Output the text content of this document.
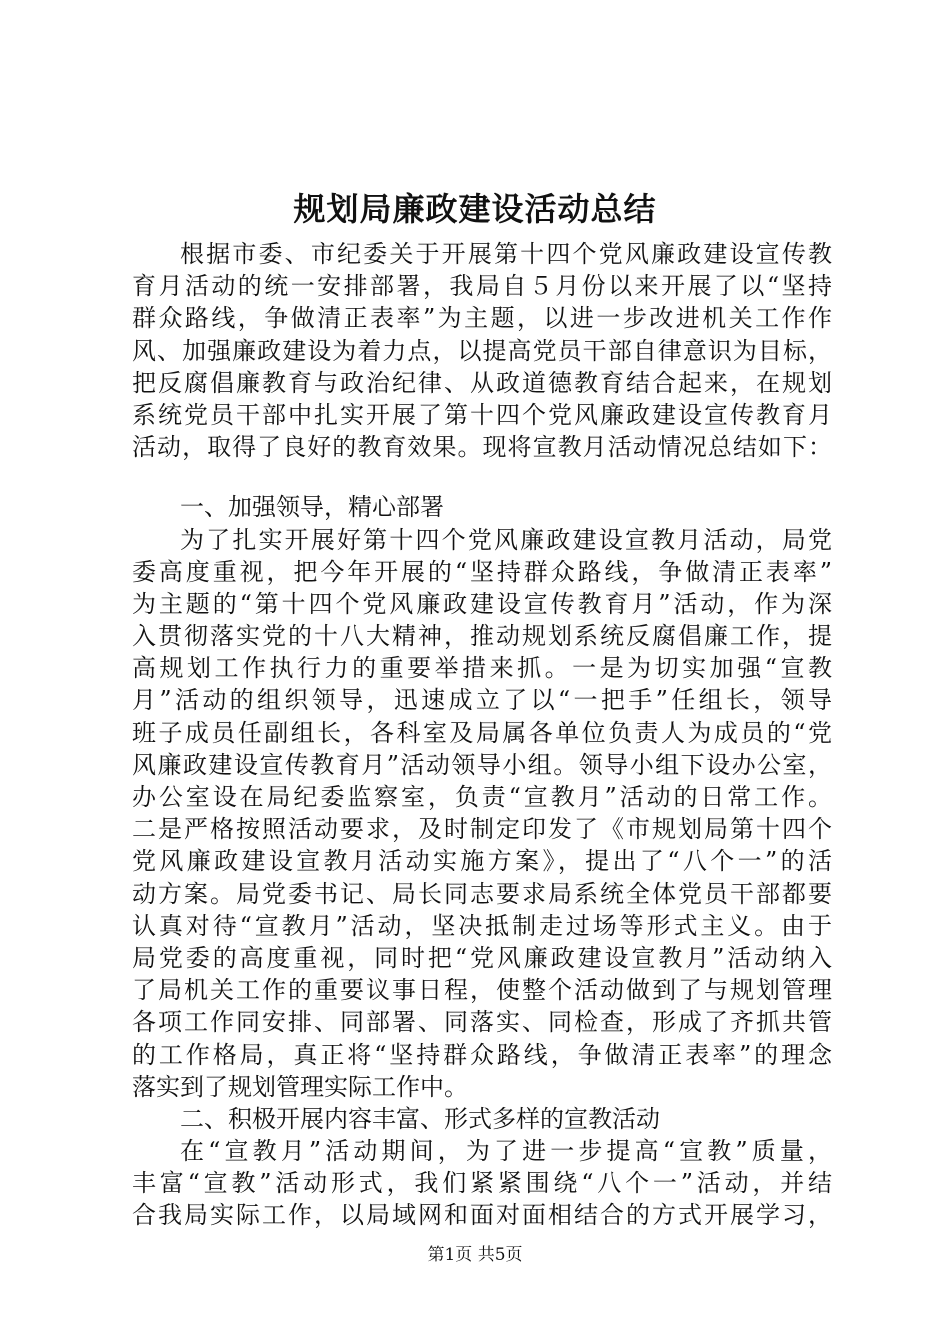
规划局廉政建设活动总结
根据市委、市纪委关于开展第十四个党风廉政建设宣传教
育月活动的统一安排部署，我局自５月份以来开展了以“坚持
群众路线，争做清正表率”为主题，以进一步改进机关工作作
风、加强廉政建设为着力点，以提高党员干部自律意识为目标，
把反腐倡廉教育与政治纪律、从政道德教育结合起来，在规划
系统党员干部中扎实开展了第十四个党风廉政建设宣传教育月
活动，取得了良好的教育效果。现将宣教月活动情况总结如下：
一、加强领导，精心部署
为了扎实开展好第十四个党风廉政建设宣教月活动，局党
委高度重视，把今年开展的“坚持群众路线，争做清正表率”
为主题的“第十四个党风廉政建设宣传教育月”活动，作为深
入贯彻落实党的十八大精神，推动规划系统反腐倡廉工作，提
高规划工作执行力的重要举措来抓。一是为切实加强“宣教
月”活动的组织领导，迅速成立了以“一把手”任组长，领导
班子成员任副组长，各科室及局属各单位负责人为成员的“党
风廉政建设宣传教育月”活动领导小组。领导小组下设办公室，
办公室设在局纪委监察室，负责“宣教月”活动的日常工作。
二是严格按照活动要求，及时制定印发了《市规划局第十四个
党风廉政建设宣教月活动实施方案》，提出了“八个一”的活
动方案。局党委书记、局长同志要求局系统全体党员干部都要
认真对待“宣教月”活动，坚决抵制走过场等形式主义。由于
局党委的高度重视，同时把“党风廉政建设宣教月”活动纳入
了局机关工作的重要议事日程，使整个活动做到了与规划管理
各项工作同安排、同部署、同落实、同检查，形成了齐抓共管
的工作格局，真正将“坚持群众路线，争做清正表率”的理念
落实到了规划管理实际工作中。
二、积极开展内容丰富、形式多样的宣教活动
在“宣教月”活动期间，为了进一步提高“宣教”质量，
丰富“宣教”活动形式，我们紧紧围绕“八个一”活动，并结
合我局实际工作，以局域网和面对面相结合的方式开展学习，
第1页 共5页
